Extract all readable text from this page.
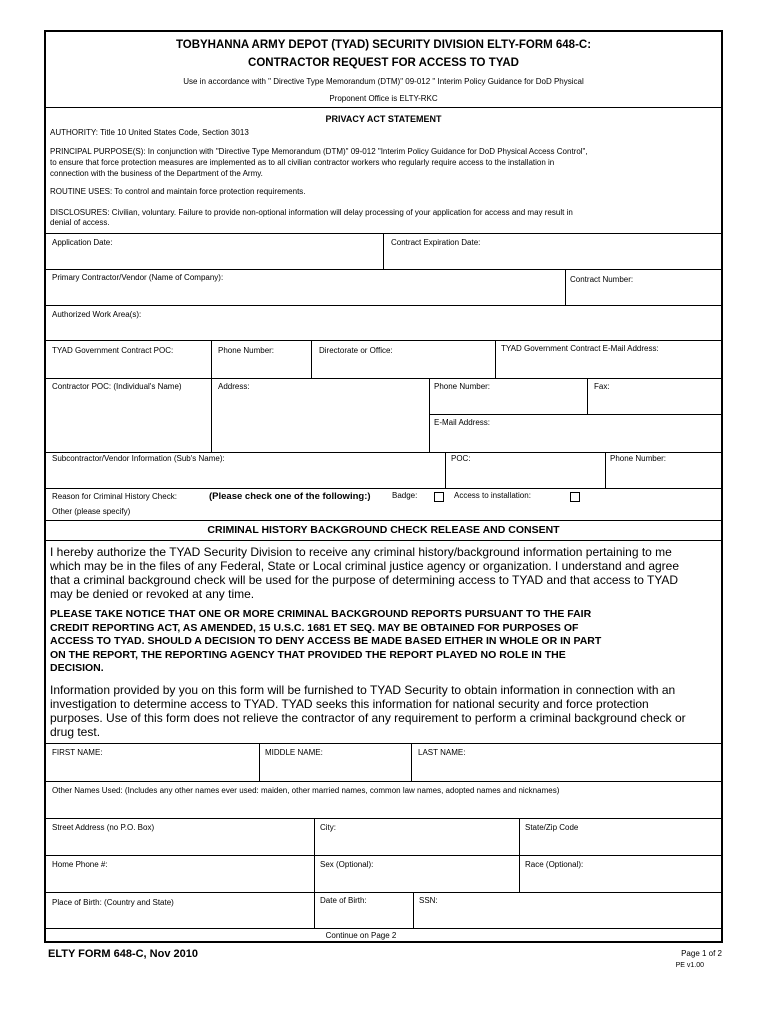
TOBYHANNA ARMY DEPOT (TYAD) SECURITY DIVISION ELTY-FORM 648-C:
CONTRACTOR REQUEST FOR ACCESS TO TYAD
Use in accordance with " Directive Type Memorandum (DTM)" 09-012 " Interim Policy Guidance for DoD Physical
Proponent Office is ELTY-RKC
PRIVACY ACT STATEMENT
AUTHORITY: Title 10 United States Code, Section 3013
PRINCIPAL PURPOSE(S): In conjunction with "Directive Type Memorandum (DTM)" 09-012 "Interim Policy Guidance for DoD Physical Access Control",
to ensure that force protection measures are implemented as to all civilian contractor workers who regularly require access to the installation in
connection with the business of the Department of the Army.
ROUTINE USES: To control and maintain force protection requirements.
DISCLOSURES: Civilian, voluntary. Failure to provide non-optional information will delay processing of your application for access and may result in
denial of access.
Application Date:	Contract Expiration Date:
Primary Contractor/Vendor (Name of Company):	Contract Number:
Authorized Work Area(s):
TYAD Government Contract POC:	Phone Number:	Directorate or Office:	TYAD Government Contract E-Mail Address:
Contractor POC: (Individual's Name)	Address:	Phone Number:	Fax:
E-Mail Address:
Subcontractor/Vendor Information (Sub's Name):	POC:	Phone Number:
Reason for Criminal History Check:	(Please check one of the following:)	Badge:	Access to installation:
Other (please specify)
CRIMINAL HISTORY BACKGROUND CHECK RELEASE AND CONSENT
I hereby authorize the TYAD Security Division to receive any criminal history/background information pertaining to me
which may be in the files of any Federal, State or Local criminal justice agency or organization. I understand and agree
that a criminal background check will be used for the purpose of determining access to TYAD and that access to TYAD
may be denied or revoked at any time.
PLEASE TAKE NOTICE THAT ONE OR MORE CRIMINAL BACKGROUND REPORTS PURSUANT TO THE FAIR
CREDIT REPORTING ACT, AS AMENDED, 15 U.S.C. 1681 ET SEQ. MAY BE OBTAINED FOR PURPOSES OF
ACCESS TO TYAD. SHOULD A DECISION TO DENY ACCESS BE MADE BASED EITHER IN WHOLE OR IN PART
ON THE REPORT, THE REPORTING AGENCY THAT PROVIDED THE REPORT PLAYED NO ROLE IN THE
DECISION.
Information provided by you on this form will be furnished to TYAD Security to obtain information in connection with an
investigation to determine access to TYAD. TYAD seeks this information for national security and force protection
purposes. Use of this form does not relieve the contractor of any requirement to perform a criminal background check or
drug test.
FIRST NAME:	MIDDLE NAME:	LAST NAME:
Other Names Used: (Includes any other names ever used: maiden, other married names, common law names, adopted names and nicknames)
Street Address (no P.O. Box)	City:	State/Zip Code
Home Phone #:	Sex (Optional):	Race (Optional):
Place of Birth: (Country and State)	Date of Birth:	SSN:
Continue on Page 2
ELTY FORM 648-C, Nov 2010	Page 1 of 2
PE v1.00
